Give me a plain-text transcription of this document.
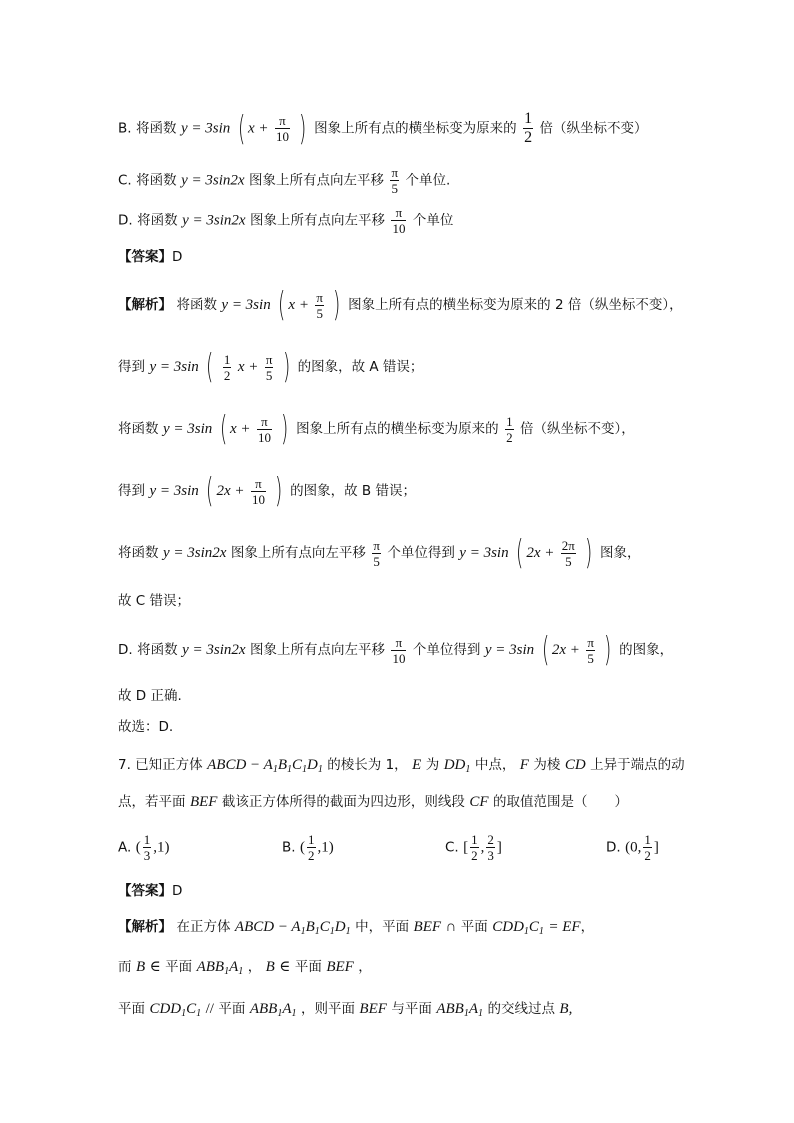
B. 将函数 y = 3sin ( $x + \frac{\pi}{10}$ ) 图象上所有点的横坐标变为原来的 $\frac{1}{2}$ 倍（纵坐标不变）
C. 将函数 y = 3sin2x 图象上所有点向左平移 $\frac{\pi}{5}$ 个单位.
D. 将函数 y = 3sin2x 图象上所有点向左平移 $\frac{\pi}{10}$ 个单位
【答案】D
【解析】 将函数 y = 3sin ( $x + \frac{\pi}{5}$ ) 图象上所有点的横坐标变为原来的 2 倍（纵坐标不变），
得到 y = 3sin ( $\frac{1}{2}$ $x + \frac{\pi}{5}$ ) 的图象，故 A 错误；
将函数 y = 3sin ( $x + \frac{\pi}{10}$ ) 图象上所有点的横坐标变为原来的 $\frac{1}{2}$ 倍（纵坐标不变），
得到 y = 3sin ( $2x + \frac{\pi}{10}$ ) 的图象，故 B 错误；
将函数 y = 3sin2x 图象上所有点向左平移 $\frac{\pi}{5}$ 个单位得到 y = 3sin ( $2x + \frac{2\pi}{5}$ ) 图象，
故 C 错误；
D. 将函数 y = 3sin2x 图象上所有点向左平移 $\frac{\pi}{10}$ 个单位得到 y = 3sin ( $2x + \frac{\pi}{5}$ ) 的图象，
故 D 正确.
故选：D.
7. 已知正方体 ABCD − $A_1B_1C_1D_1$ 的棱长为 1， E 为 $DD_1$ 中点， F 为棱 CD 上异于端点的动
点，若平面 BEF 截该正方体所得的截面为四边形，则线段 CF 的取值范围是（　　）
A. ( $\frac{1}{3} ,1$)	B. ( $\frac{1}{2} ,1$)	C. [ $\frac{1}{2}$ , $\frac{2}{3}$ ]	D. (0, $\frac{1}{2}$ ]
【答案】D
【解析】 在正方体 ABCD − $A_1B_1C_1D_1$ 中，平面 BEF ∩ 平面 $CDD_1C_1$ = EF，
而 B ∈ 平面 $ABB_1A_1$ ， B ∈ 平面 BEF ，
平面 $CDD_1C_1$ // 平面 $ABB_1A_1$ ，则平面 BEF 与平面 $ABB_1A_1$ 的交线过点 B,
